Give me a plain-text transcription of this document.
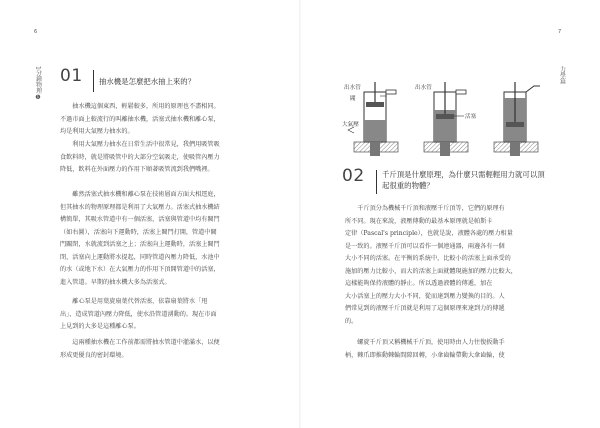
6
1分鐘物理❶ 01 抽水機是怎麼把水抽上來的？
抽水機這個東西，輕鬆較多，所用的原理也不盡相同。
不過市面上較流行的叫離抽水機，活塞式抽水機和離心泵，
均是利用大氣壓力抽水的。
利用大氣壓力抽水在日常生活中很常見，我們用吸管吸
食飲料時，就是將吸管中的大部分空氣吸走，使吸管內壓力
降低，飲料在外面壓力的作用下順著吸管流到我們嘴裡。
雖然活塞式抽水機和離心泵在技術層面方面大相逕庭，
但其抽水的物理原理都是利用了大氣壓力。活塞式抽水機結
構簡單，其吸水管道中有一個活塞，活塞與管道中均有閥門
（如右圖），活塞向下運動時，活塞上閥門打開，管道中閥
門關閉，水就流到活塞之上；活塞向上運動時，活塞上閥門
閉，活塞向上運動將水提起，同時管道內壓力降低，水池中
的水（或地下水）在大氣壓力的作用下頂開管道中的活塞，
進入管道。早期的抽水機大多為活塞式。
離心泵是用葉旋扇葉代替活塞，依靠扇葉將水「甩
出」，造成管道內壓力降低，使水沿管道湧動的。現在市面
上見到的大多是這種離心泵。
這兩種抽水機在工作前都需將抽水管道中灌滿水，以便
形成更優良的密封環境。
7
力學篇
出水管
閥
大氣壓
出水管
活塞
02 千斤頂是什麼原理，為什麼只需輕輕用力就可以頂
起很重的物體？
千斤頂分為機械千斤頂和液壓千斤頂等，它們的原理有
所不同。現在來說，液壓傳動的最基本原理就是帕斯卡
定律（Pascal's principle），也就是說，液體各處的壓力相量
是一致的。液壓千斤頂可以看作一個連通器，兩邊各有一個
大小不同的活塞。在平衡的系統中，比較小的活塞上面承受的
施加的壓力比較小，而大的活塞上面就體現施加的壓力比較大，
這樣能夠保持液體的靜止。所以透過液體的傳遞，加在
大小活塞上的壓力大小不同，從而達到壓力變換的目的。人
們常見到的液壓千斤頂就是利用了這個原理來達到力的傳遞
的。
螺旋千斤頂又稱機械千斤頂，使用時由人力往復扳動手
柄，棘爪即推動棘輪間隙回轉，小傘齒輪帶動大傘齒輪，使
